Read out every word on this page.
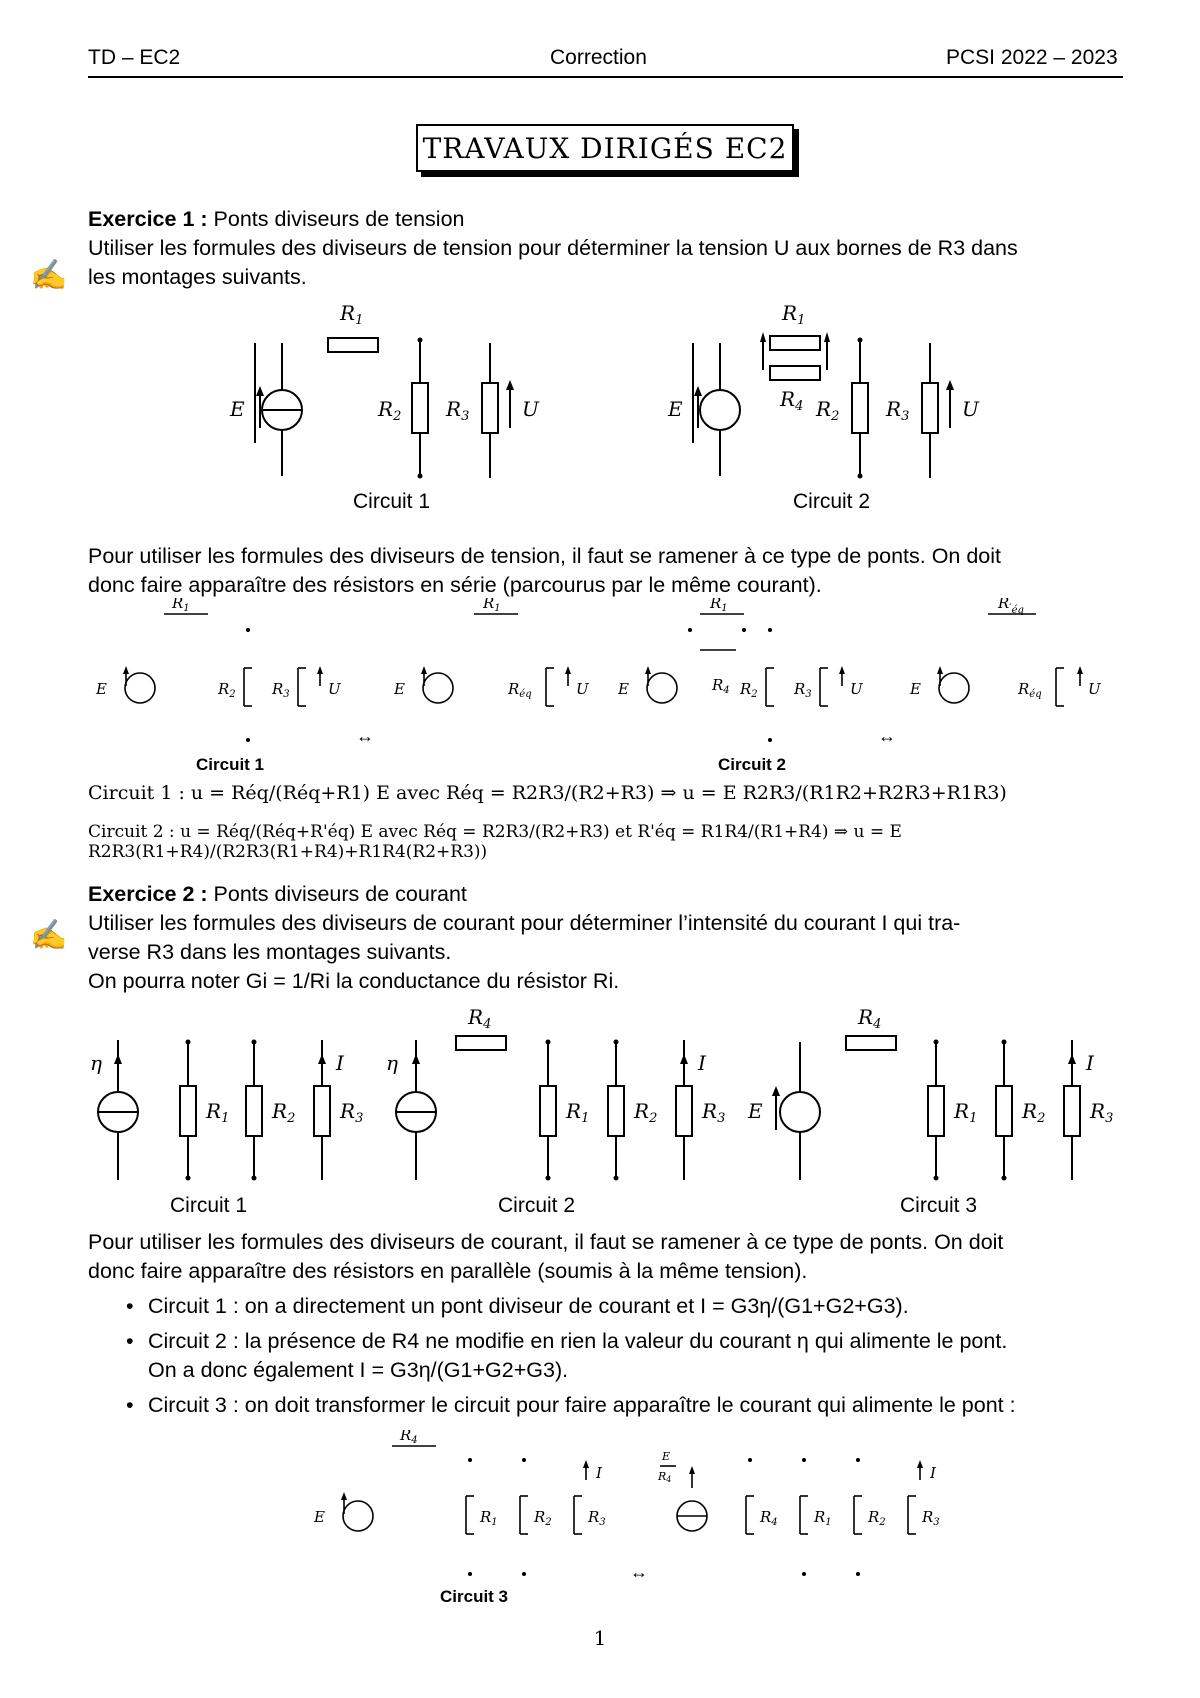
TD – EC2	Correction	PCSI 2022 – 2023
TRAVAUX DIRIGÉS EC2
Exercice 1 : Ponts diviseurs de tension
Utiliser les formules des diviseurs de tension pour déterminer la tension U aux bornes de R3 dans
les montages suivants.
✍
$R_1$
E	$R_2$ $R_3$	U
$R_1$
E	$R_4$ $R_2$ $R_3$	U
Circuit 1	Circuit 2
Pour utiliser les formules des diviseurs de tension, il faut se ramener à ce type de ponts. On doit
donc faire apparaître des résistors en série (parcourus par le même courant).
$R_1$	$R_1$	$R_1$	$R'éq$
E	E	E	E
$R_2$ $R_3$	U	$R_{éq}$	U	$R_4$ $R_2$ $R_3$	U	$R_{éq}$	U
↔	↔
Circuit 1	Circuit 2
Circuit 1 : u = Réq/(Réq+R1) E avec Réq = R2R3/(R2+R3) ⇒ u = E R2R3/(R1R2+R2R3+R1R3)
Circuit 2 : u = Réq/(Réq+R'éq) E avec Réq = R2R3/(R2+R3) et R'éq = R1R4/(R1+R4) ⇒ u = E R2R3(R1+R4)/(R2R3(R1+R4)+R1R4(R2+R3))
Exercice 2 : Ponts diviseurs de courant
Utiliser les formules des diviseurs de courant pour déterminer l’intensité du courant I qui tra-
verse R3 dans les montages suivants.
On pourra noter Gi = 1/Ri la conductance du résistor Ri.
✍
η	I
$R_1$ $R_2$ $R_3$
η	I
$R_4$
$R_1$ $R_2$ $R_3$ E
I
$R_4$
$R_1$ $R_2$ $R_3$
Circuit 1	Circuit 2	Circuit 3
Pour utiliser les formules des diviseurs de courant, il faut se ramener à ce type de ponts. On doit
donc faire apparaître des résistors en parallèle (soumis à la même tension).
• Circuit 1 : on a directement un pont diviseur de courant et I = G3η/(G1+G2+G3).
• Circuit 2 : la présence de R4 ne modifie en rien la valeur du courant η qui alimente le pont.
On a donc également I = G3η/(G1+G2+G3).
• Circuit 3 : on doit transformer le circuit pour faire apparaître le courant qui alimente le pont :
$R_4$
E	$R_1$ $R_2$ $R_3$
I
E
R4
$R_4$ $R_1$ $R_2$ $R_3$
I
↔
Circuit 3
1
